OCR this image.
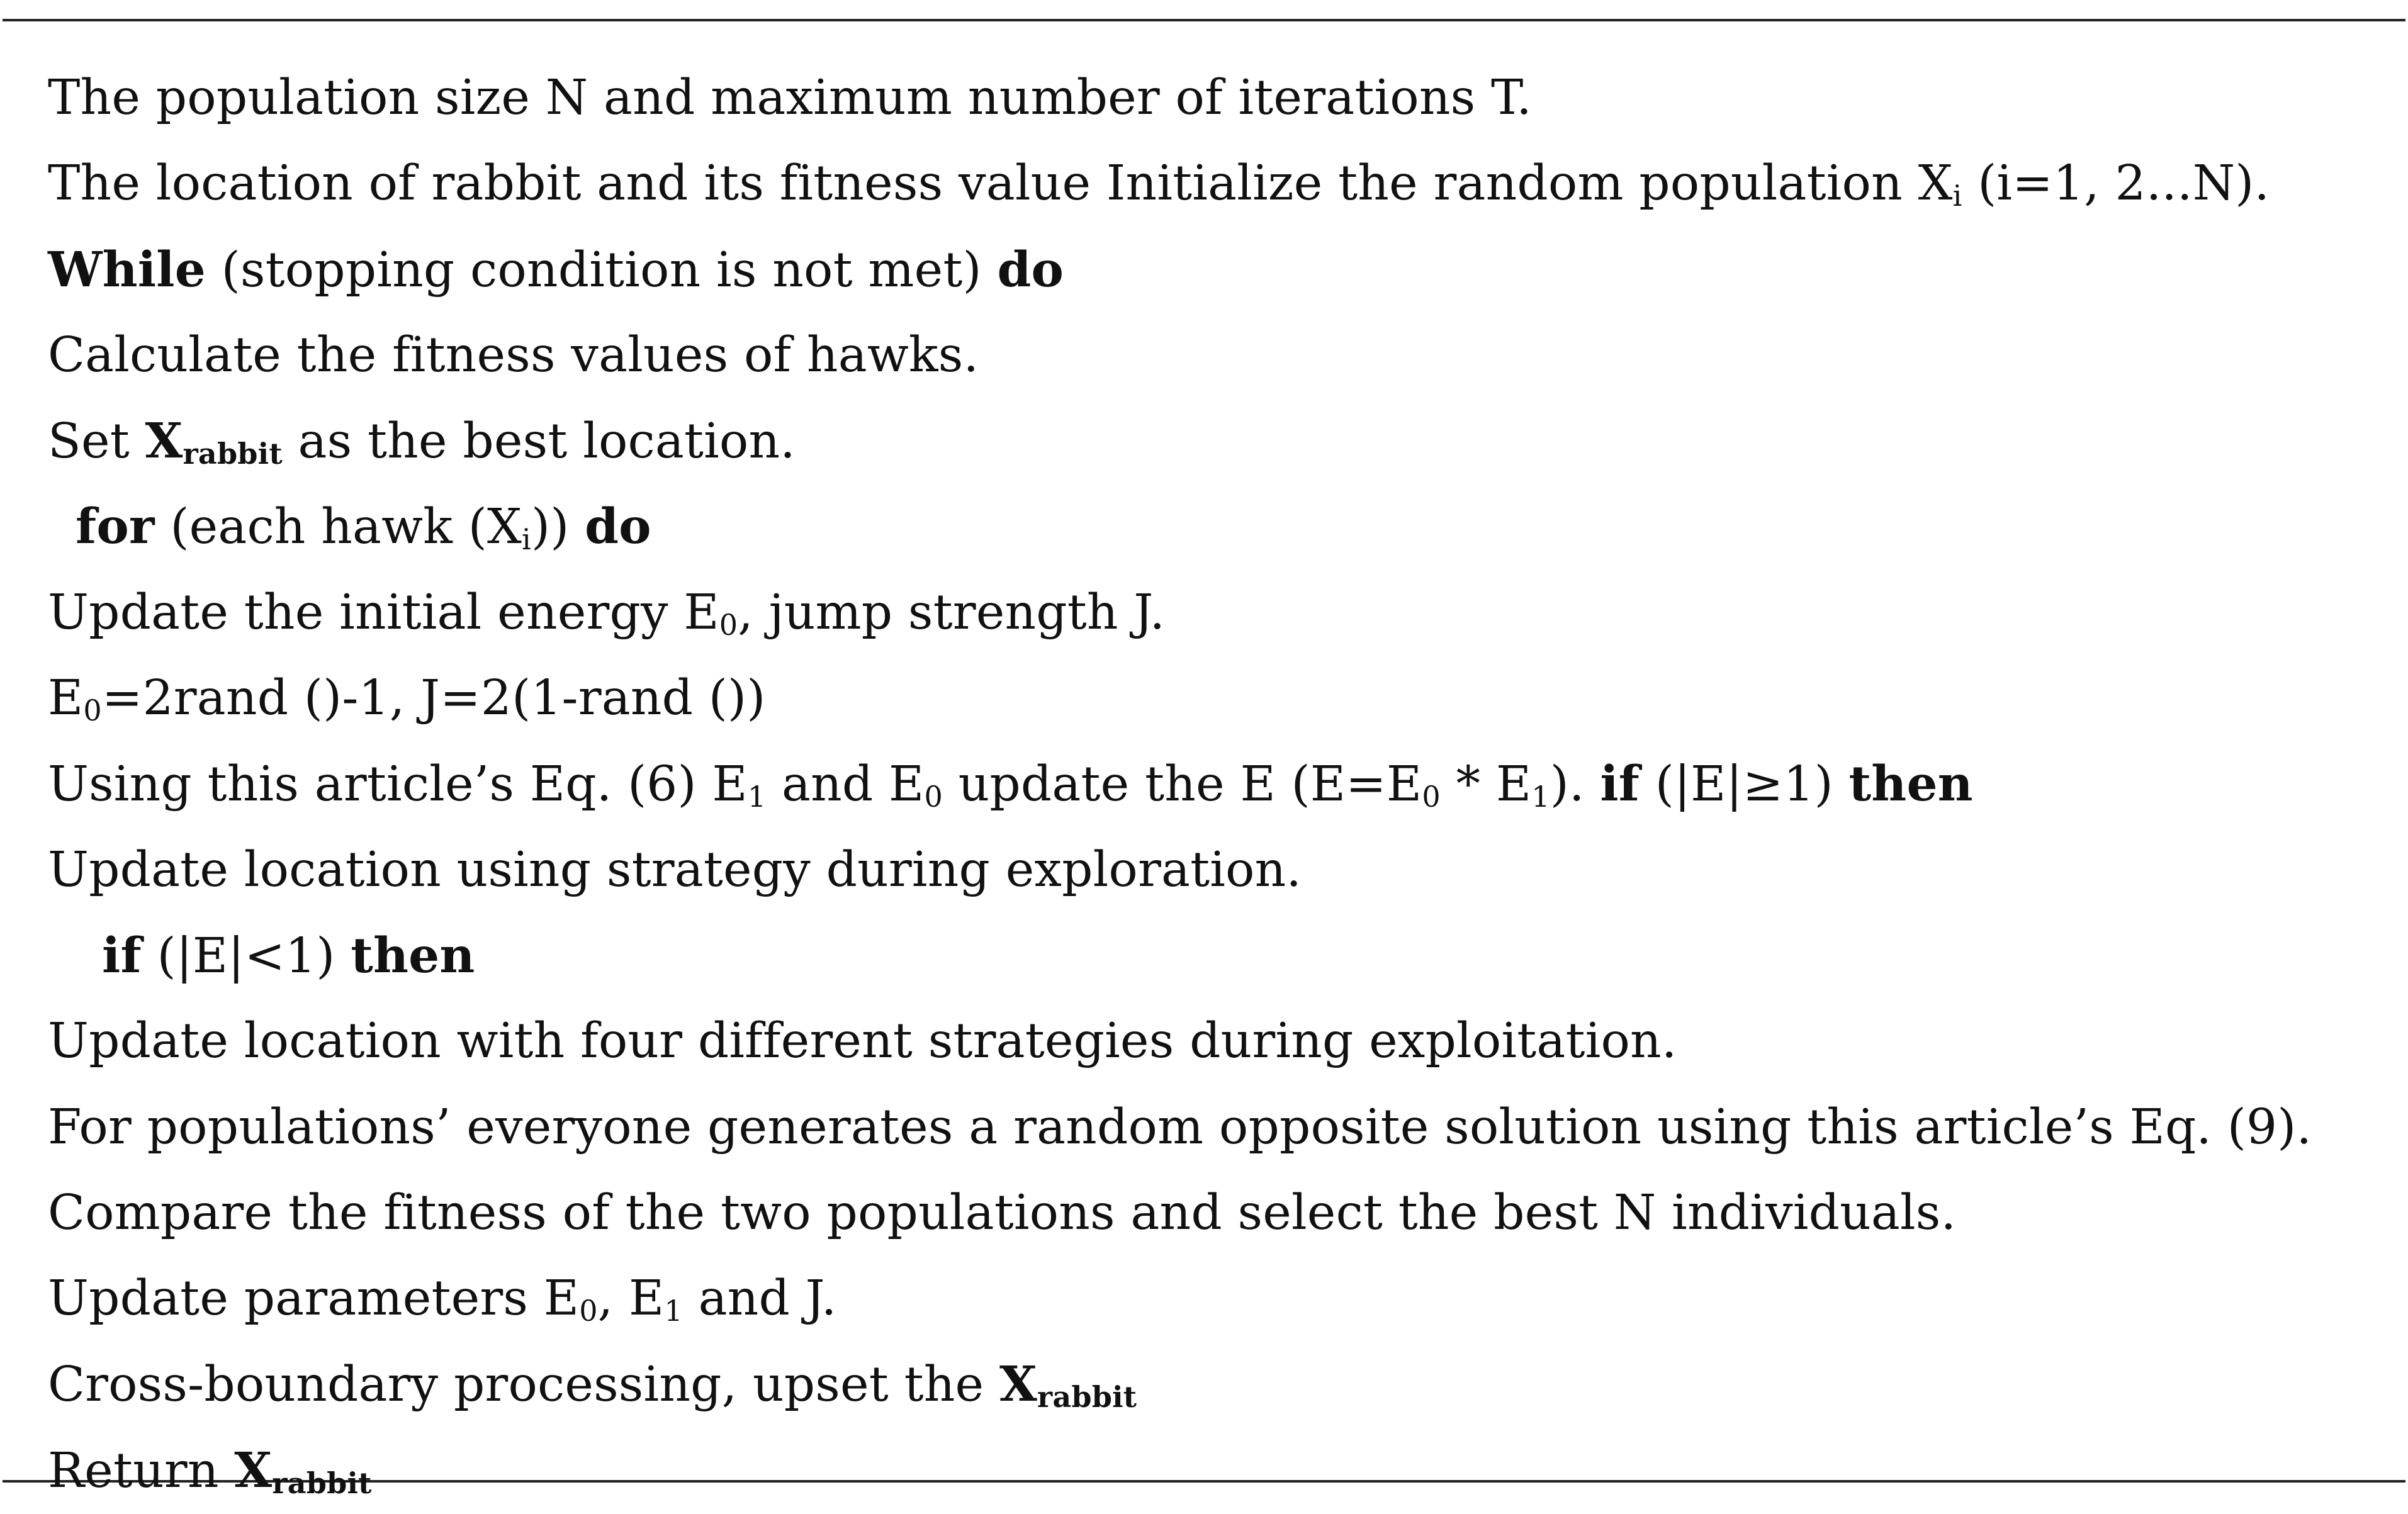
The population size N and maximum number of iterations T.
The location of rabbit and its fitness value Initialize the random population $X_i$ (i=1, 2...N).
While (stopping condition is not met) do
Calculate the fitness values of hawks.
Set $X_{rabbit}$ as the best location.
for (each hawk $(X_i)$) do
Update the initial energy $E_0$, jump strength J.
$E_0=2rand$ ()-1, J=2(1-rand ())
Using this article’s Eq. (6) $E_1$ and $E_0$ update the E $(E=E_0 * E_1)$. if (|E|≥1) then
Update location using strategy during exploration.
if (|E|<1) then
Update location with four different strategies during exploitation.
For populations’ everyone generates a random opposite solution using this article’s Eq. (9).
Compare the fitness of the two populations and select the best N individuals.
Update parameters $E_0$, $E_1$ and J.
Cross-boundary processing, upset the $X_{rabbit}$
Return $X_{rabbit}$
